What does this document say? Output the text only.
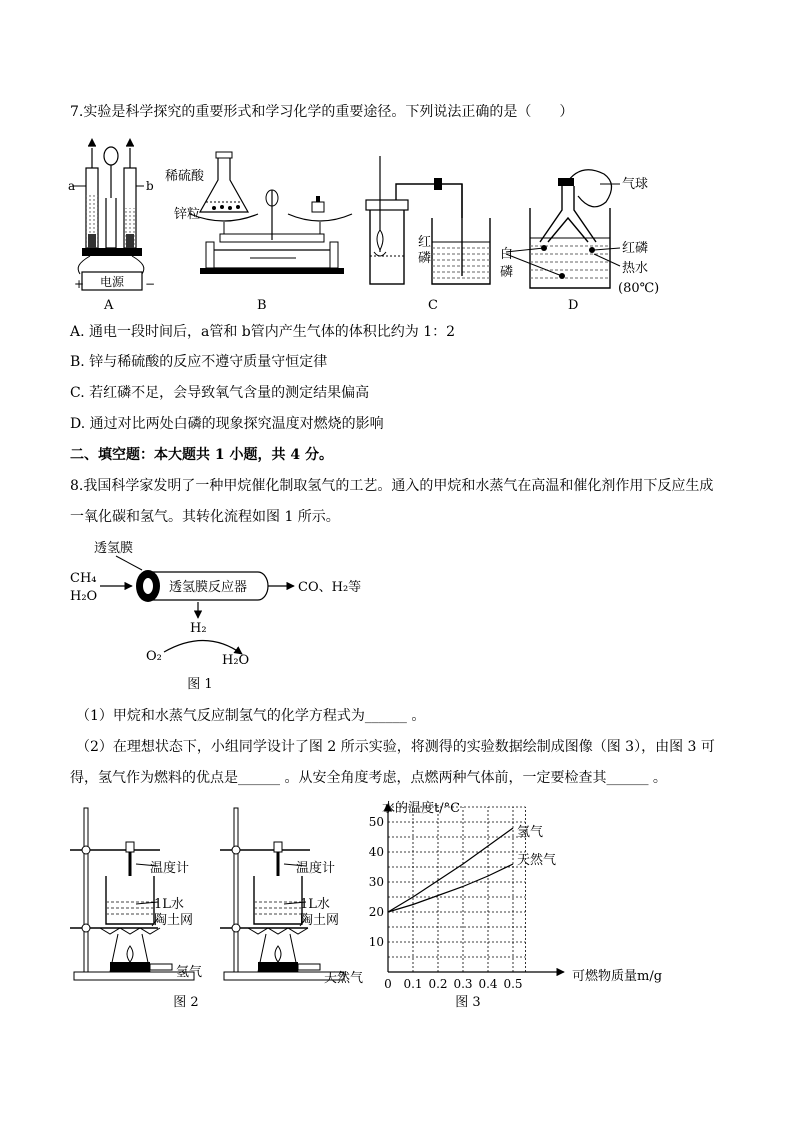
7.实验是科学探究的重要形式和学习化学的重要途径。下列说法正确的是（　　）
a	b
电源
+	−
A
稀硫酸
锌粒
B
红
磷
C
气球
白
磷
红磷
热水
(80℃)
D
A. 通电一段时间后，a管和 b管内产生气体的体积比约为 1：2
B. 锌与稀硫酸的反应不遵守质量守恒定律
C. 若红磷不足，会导致氧气含量的测定结果偏高
D. 通过对比两处白磷的现象探究温度对燃烧的影响
二、填空题：本大题共 1 小题，共 4 分。
8.我国科学家发明了一种甲烷催化制取氢气的工艺。通入的甲烷和水蒸气在高温和催化剂作用下反应生成
一氧化碳和氢气。其转化流程如图 1 所示。
透氢膜
透氢膜反应器
CH₄
H₂O
CO、H₂等
H₂
O₂	H₂O
图 1
（1）甲烷和水蒸气反应制氢气的化学方程式为______ 。
（2）在理想状态下，小组同学设计了图 2 所示实验，将测得的实验数据绘制成图像（图 3），由图 3 可
得，氢气作为燃料的优点是______ 。从安全角度考虑，点燃两种气体前，一定要检查其______ 。
温度计
1L水
陶土网
氢气
温度计
1L水
陶土网
天然气
图 2
0 0.1 0.2 0.3 0.4 0.5
10
20
30
40
50
水的温度t/°C
可燃物质量m/g
氢气
天然气
图 3
